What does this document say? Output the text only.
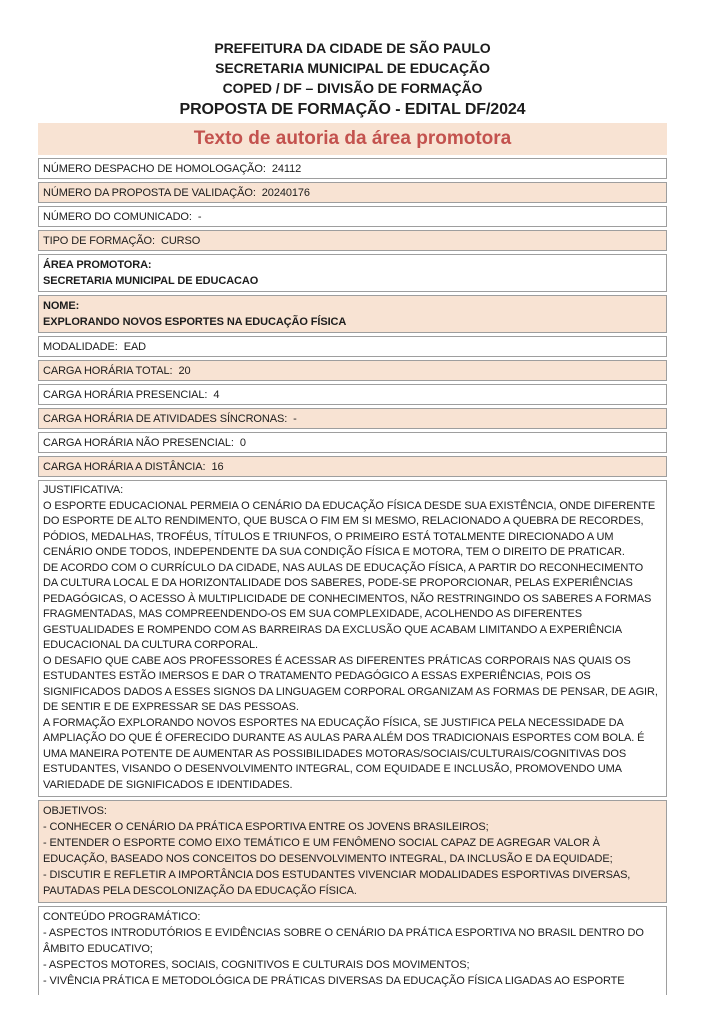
PREFEITURA DA CIDADE DE SÃO PAULO
SECRETARIA MUNICIPAL DE EDUCAÇÃO
COPED / DF – DIVISÃO DE FORMAÇÃO
PROPOSTA DE FORMAÇÃO - EDITAL DF/2024
Texto de autoria da área promotora
NÚMERO DESPACHO DE HOMOLOGAÇÃO: 24112
NÚMERO DA PROPOSTA DE VALIDAÇÃO: 20240176
NÚMERO DO COMUNICADO: -
TIPO DE FORMAÇÃO: CURSO
ÁREA PROMOTORA:
SECRETARIA MUNICIPAL DE EDUCACAO
NOME:
EXPLORANDO NOVOS ESPORTES NA EDUCAÇÃO FÍSICA
MODALIDADE: EAD
CARGA HORÁRIA TOTAL: 20
CARGA HORÁRIA PRESENCIAL: 4
CARGA HORÁRIA DE ATIVIDADES SÍNCRONAS: -
CARGA HORÁRIA NÃO PRESENCIAL: 0
CARGA HORÁRIA A DISTÂNCIA: 16

JUSTIFICATIVA:

O ESPORTE EDUCACIONAL PERMEIA O CENÁRIO DA EDUCAÇÃO FÍSICA DESDE SUA EXISTÊNCIA, ONDE DIFERENTE DO ESPORTE DE ALTO RENDIMENTO, QUE BUSCA O FIM EM SI MESMO, RELACIONADO A QUEBRA DE RECORDES, PÓDIOS, MEDALHAS, TROFÉUS, TÍTULOS E TRIUNFOS, O PRIMEIRO ESTÁ TOTALMENTE DIRECIONADO A UM CENÁRIO ONDE TODOS, INDEPENDENTE DA SUA CONDIÇÃO FÍSICA E MOTORA, TEM O DIREITO DE PRATICAR.

DE ACORDO COM O CURRÍCULO DA CIDADE, NAS AULAS DE EDUCAÇÃO FÍSICA, A PARTIR DO RECONHECIMENTO DA CULTURA LOCAL E DA HORIZONTALIDADE DOS SABERES, PODE-SE PROPORCIONAR, PELAS EXPERIÊNCIAS PEDAGÓGICAS, O ACESSO À MULTIPLICIDADE DE CONHECIMENTOS, NÃO RESTRINGINDO OS SABERES A FORMAS FRAGMENTADAS, MAS COMPREENDENDO-OS EM SUA COMPLEXIDADE, ACOLHENDO AS DIFERENTES GESTUALIDADES E ROMPENDO COM AS BARREIRAS DA EXCLUSÃO QUE ACABAM LIMITANDO A EXPERIÊNCIA EDUCACIONAL DA CULTURA CORPORAL.

O DESAFIO QUE CABE AOS PROFESSORES É ACESSAR AS DIFERENTES PRÁTICAS CORPORAIS NAS QUAIS OS ESTUDANTES ESTÃO IMERSOS E DAR O TRATAMENTO PEDAGÓGICO A ESSAS EXPERIÊNCIAS, POIS OS SIGNIFICADOS DADOS A ESSES SIGNOS DA LINGUAGEM CORPORAL ORGANIZAM AS FORMAS DE PENSAR, DE AGIR, DE SENTIR E DE EXPRESSAR SE DAS PESSOAS.

A FORMAÇÃO EXPLORANDO NOVOS ESPORTES NA EDUCAÇÃO FÍSICA, SE JUSTIFICA PELA NECESSIDADE DA AMPLIAÇÃO DO QUE É OFERECIDO DURANTE AS AULAS PARA ALÉM DOS TRADICIONAIS ESPORTES COM BOLA. É UMA MANEIRA POTENTE DE AUMENTAR AS POSSIBILIDADES MOTORAS/SOCIAIS/CULTURAIS/COGNITIVAS DOS ESTUDANTES, VISANDO O DESENVOLVIMENTO INTEGRAL, COM EQUIDADE E INCLUSÃO, PROMOVENDO UMA VARIEDADE DE SIGNIFICADOS E IDENTIDADES.

OBJETIVOS:

- CONHECER O CENÁRIO DA PRÁTICA ESPORTIVA ENTRE OS JOVENS BRASILEIROS;

- ENTENDER O ESPORTE COMO EIXO TEMÁTICO E UM FENÔMENO SOCIAL CAPAZ DE AGREGAR VALOR À EDUCAÇÃO, BASEADO NOS CONCEITOS DO DESENVOLVIMENTO INTEGRAL, DA INCLUSÃO E DA EQUIDADE;

- DISCUTIR E REFLETIR A IMPORTÂNCIA DOS ESTUDANTES VIVENCIAR MODALIDADES ESPORTIVAS DIVERSAS, PAUTADAS PELA DESCOLONIZAÇÃO DA EDUCAÇÃO FÍSICA.

CONTEÚDO PROGRAMÁTICO:

- ASPECTOS INTRODUTÓRIOS E EVIDÊNCIAS SOBRE O CENÁRIO DA PRÁTICA ESPORTIVA NO BRASIL DENTRO DO ÂMBITO EDUCATIVO;

- ASPECTOS MOTORES, SOCIAIS, COGNITIVOS E CULTURAIS DOS MOVIMENTOS;

- VIVÊNCIA PRÁTICA E METODOLÓGICA DE PRÁTICAS DIVERSAS DA EDUCAÇÃO FÍSICA LIGADAS AO ESPORTE
